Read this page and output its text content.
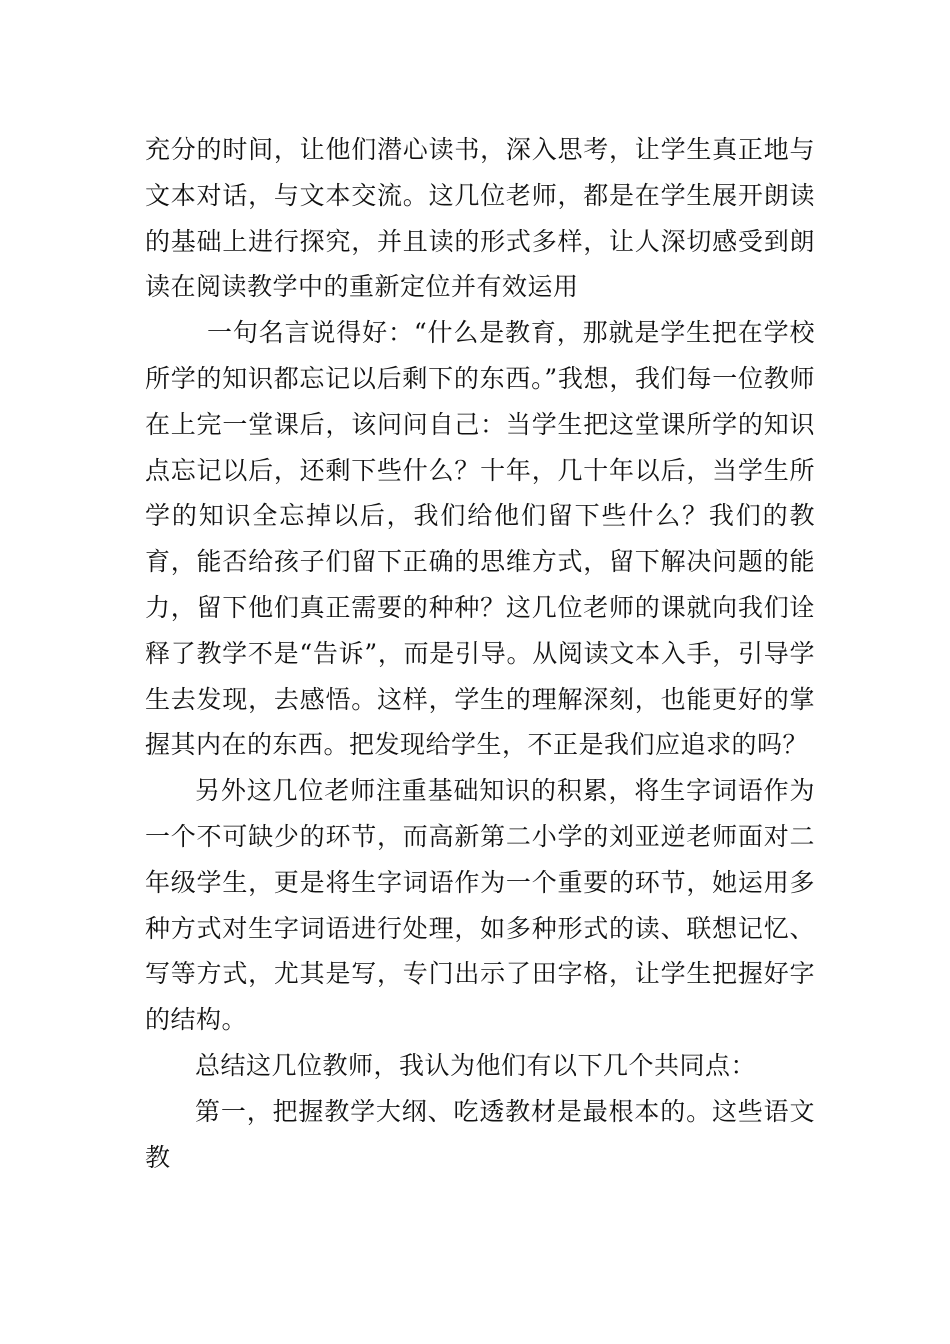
充分的时间，让他们潜心读书，深入思考，让学生真正地与文本对话，与文本交流。这几位老师，都是在学生展开朗读的基础上进行探究，并且读的形式多样，让人深切感受到朗读在阅读教学中的重新定位并有效运用

一句名言说得好：“什么是教育，那就是学生把在学校所学的知识都忘记以后剩下的东西。”我想，我们每一位教师在上完一堂课后，该问问自己：当学生把这堂课所学的知识点忘记以后，还剩下些什么？十年，几十年以后，当学生所学的知识全忘掉以后，我们给他们留下些什么？我们的教育，能否给孩子们留下正确的思维方式，留下解决问题的能力，留下他们真正需要的种种？这几位老师的课就向我们诠释了教学不是“告诉”，而是引导。从阅读文本入手，引导学生去发现，去感悟。这样，学生的理解深刻，也能更好的掌握其内在的东西。把发现给学生，不正是我们应追求的吗？

另外这几位老师注重基础知识的积累，将生字词语作为一个不可缺少的环节，而高新第二小学的刘亚逆老师面对二年级学生，更是将生字词语作为一个重要的环节，她运用多种方式对生字词语进行处理，如多种形式的读、联想记忆、写等方式，尤其是写，专门出示了田字格，让学生把握好字的结构。

总结这几位教师，我认为他们有以下几个共同点：

第一，把握教学大纲、吃透教材是最根本的。这些语文教
